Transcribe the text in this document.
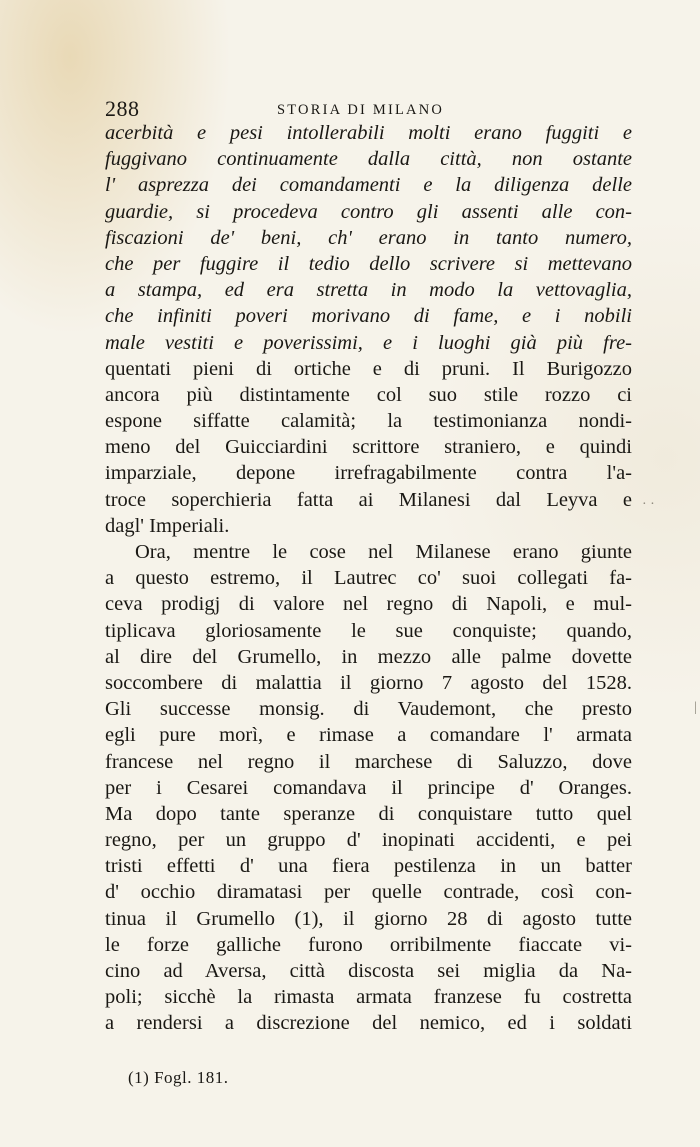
288	STORIA DI MILANO
acerbità e pesi intollerabili molti erano fuggiti e
fuggivano continuamente dalla città, non ostante
l' asprezza dei comandamenti e la diligenza delle
guardie, si procedeva contro gli assenti alle con-
fiscazioni de' beni, ch' erano in tanto numero,
che per fuggire il tedio dello scrivere si mettevano
a stampa, ed era stretta in modo la vettovaglia,
che infiniti poveri morivano di fame, e i nobili
male vestiti e poverissimi, e i luoghi già più fre-
quentati pieni di ortiche e di pruni. Il Burigozzo
ancora più distintamente col suo stile rozzo ci
espone siffatte calamità; la testimonianza nondi-
meno del Guicciardini scrittore straniero, e quindi
imparziale, depone irrefragabilmente contra l'a-
troce soperchieria fatta ai Milanesi dal Leyva e
dagl' Imperiali.
Ora, mentre le cose nel Milanese erano giunte
a questo estremo, il Lautrec co' suoi collegati fa-
ceva prodigj di valore nel regno di Napoli, e mul-
tiplicava gloriosamente le sue conquiste; quando,
al dire del Grumello, in mezzo alle palme dovette
soccombere di malattia il giorno 7 agosto del 1528.
Gli successe monsig. di Vaudemont, che presto
egli pure morì, e rimase a comandare l' armata
francese nel regno il marchese di Saluzzo, dove
per i Cesarei comandava il principe d' Oranges.
Ma dopo tante speranze di conquistare tutto quel
regno, per un gruppo d' inopinati accidenti, e pei
tristi effetti d' una fiera pestilenza in un batter
d' occhio diramatasi per quelle contrade, così con-
tinua il Grumello (1), il giorno 28 di agosto tutte
le forze galliche furono orribilmente fiaccate vi-
cino ad Aversa, città discosta sei miglia da Na-
poli; sicchè la rimasta armata franzese fu costretta
a rendersi a discrezione del nemico, ed i soldati
(1) Fogl. 181.
· ·
|
